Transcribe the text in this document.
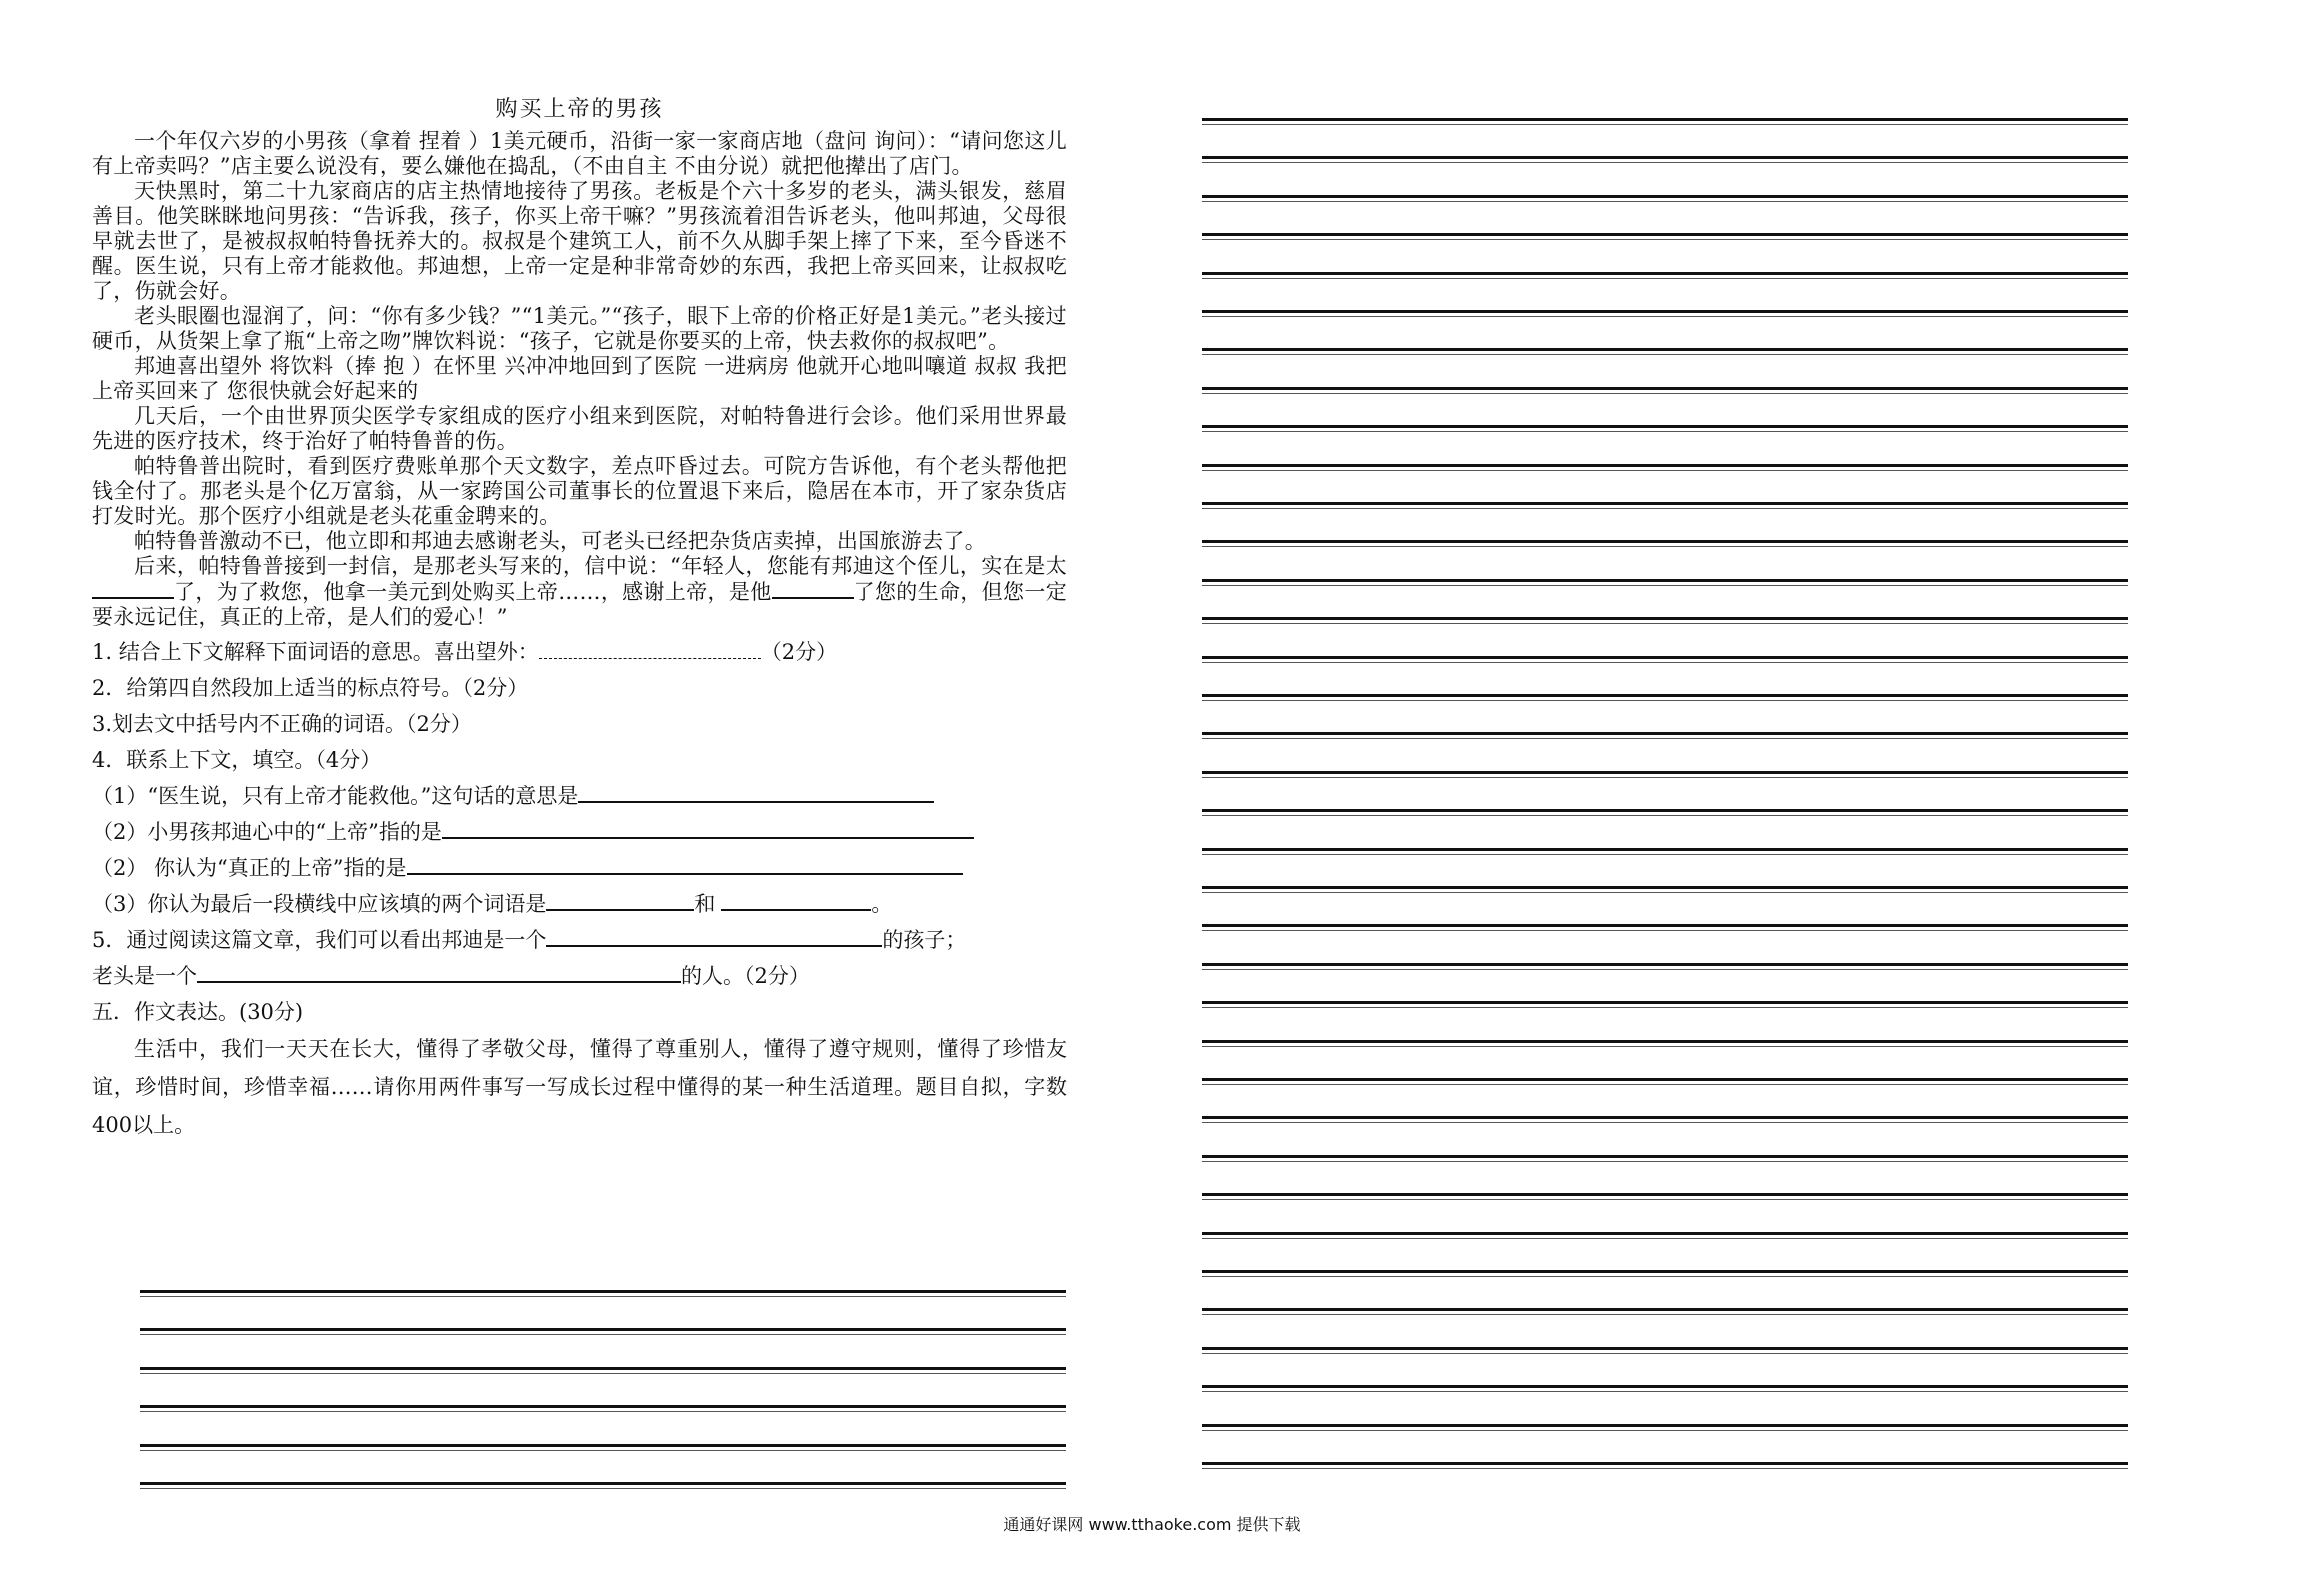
购买上帝的男孩

一个年仅六岁的小男孩（拿着 捏着 ）1美元硬币，沿街一家一家商店地（盘问 询问）：“请问您这儿有上帝卖吗？”店主要么说没有，要么嫌他在捣乱，（不由自主 不由分说）就把他撵出了店门。

天快黑时，第二十九家商店的店主热情地接待了男孩。老板是个六十多岁的老头，满头银发，慈眉善目。他笑眯眯地问男孩：“告诉我，孩子，你买上帝干嘛？”男孩流着泪告诉老头，他叫邦迪，父母很早就去世了，是被叔叔帕特鲁抚养大的。叔叔是个建筑工人，前不久从脚手架上摔了下来，至今昏迷不醒。医生说，只有上帝才能救他。邦迪想，上帝一定是种非常奇妙的东西，我把上帝买回来，让叔叔吃了，伤就会好。

老头眼圈也湿润了，问：“你有多少钱？”“1美元。”“孩子，眼下上帝的价格正好是1美元。”老头接过硬币，从货架上拿了瓶“上帝之吻”牌饮料说：“孩子，它就是你要买的上帝，快去救你的叔叔吧”。

邦迪喜出望外 将饮料（捧 抱 ）在怀里 兴冲冲地回到了医院 一进病房 他就开心地叫嚷道 叔叔 我把上帝买回来了 您很快就会好起来的

几天后，一个由世界顶尖医学专家组成的医疗小组来到医院，对帕特鲁进行会诊。他们采用世界最先进的医疗技术，终于治好了帕特鲁普的伤。

帕特鲁普出院时，看到医疗费账单那个天文数字，差点吓昏过去。可院方告诉他，有个老头帮他把钱全付了。那老头是个亿万富翁，从一家跨国公司董事长的位置退下来后，隐居在本市，开了家杂货店打发时光。那个医疗小组就是老头花重金聘来的。

帕特鲁普激动不已，他立即和邦迪去感谢老头，可老头已经把杂货店卖掉，出国旅游去了。

后来，帕特鲁普接到一封信，是那老头写来的，信中说：“年轻人，您能有邦迪这个侄儿，实在是太了，为了救您，他拿一美元到处购买上帝……，感谢上帝，是他	了您的生命，但您一定要永远记住，真正的上帝，是人们的爱心！”

1. 结合上下文解释下面词语的意思。喜出望外：	（2分）

2．给第四自然段加上适当的标点符号。（2分）

3.划去文中括号内不正确的词语。（2分）

4．联系上下文，填空。（4分）

（1）“医生说，只有上帝才能救他。”这句话的意思是

（2）小男孩邦迪心中的“上帝”指的是

（2） 你认为“真正的上帝”指的是

（3）你认为最后一段横线中应该填的两个词语是	和	。

5．通过阅读这篇文章，我们可以看出邦迪是一个	的孩子；

老头是一个	的人。（2分）

五．作文表达。(30分)

生活中，我们一天天在长大，懂得了孝敬父母，懂得了尊重别人，懂得了遵守规则，懂得了珍惜友谊，珍惜时间，珍惜幸福……请你用两件事写一写成长过程中懂得的某一种生活道理。题目自拟，字数400以上。

通通好课网 www.tthaoke.com 提供下载
